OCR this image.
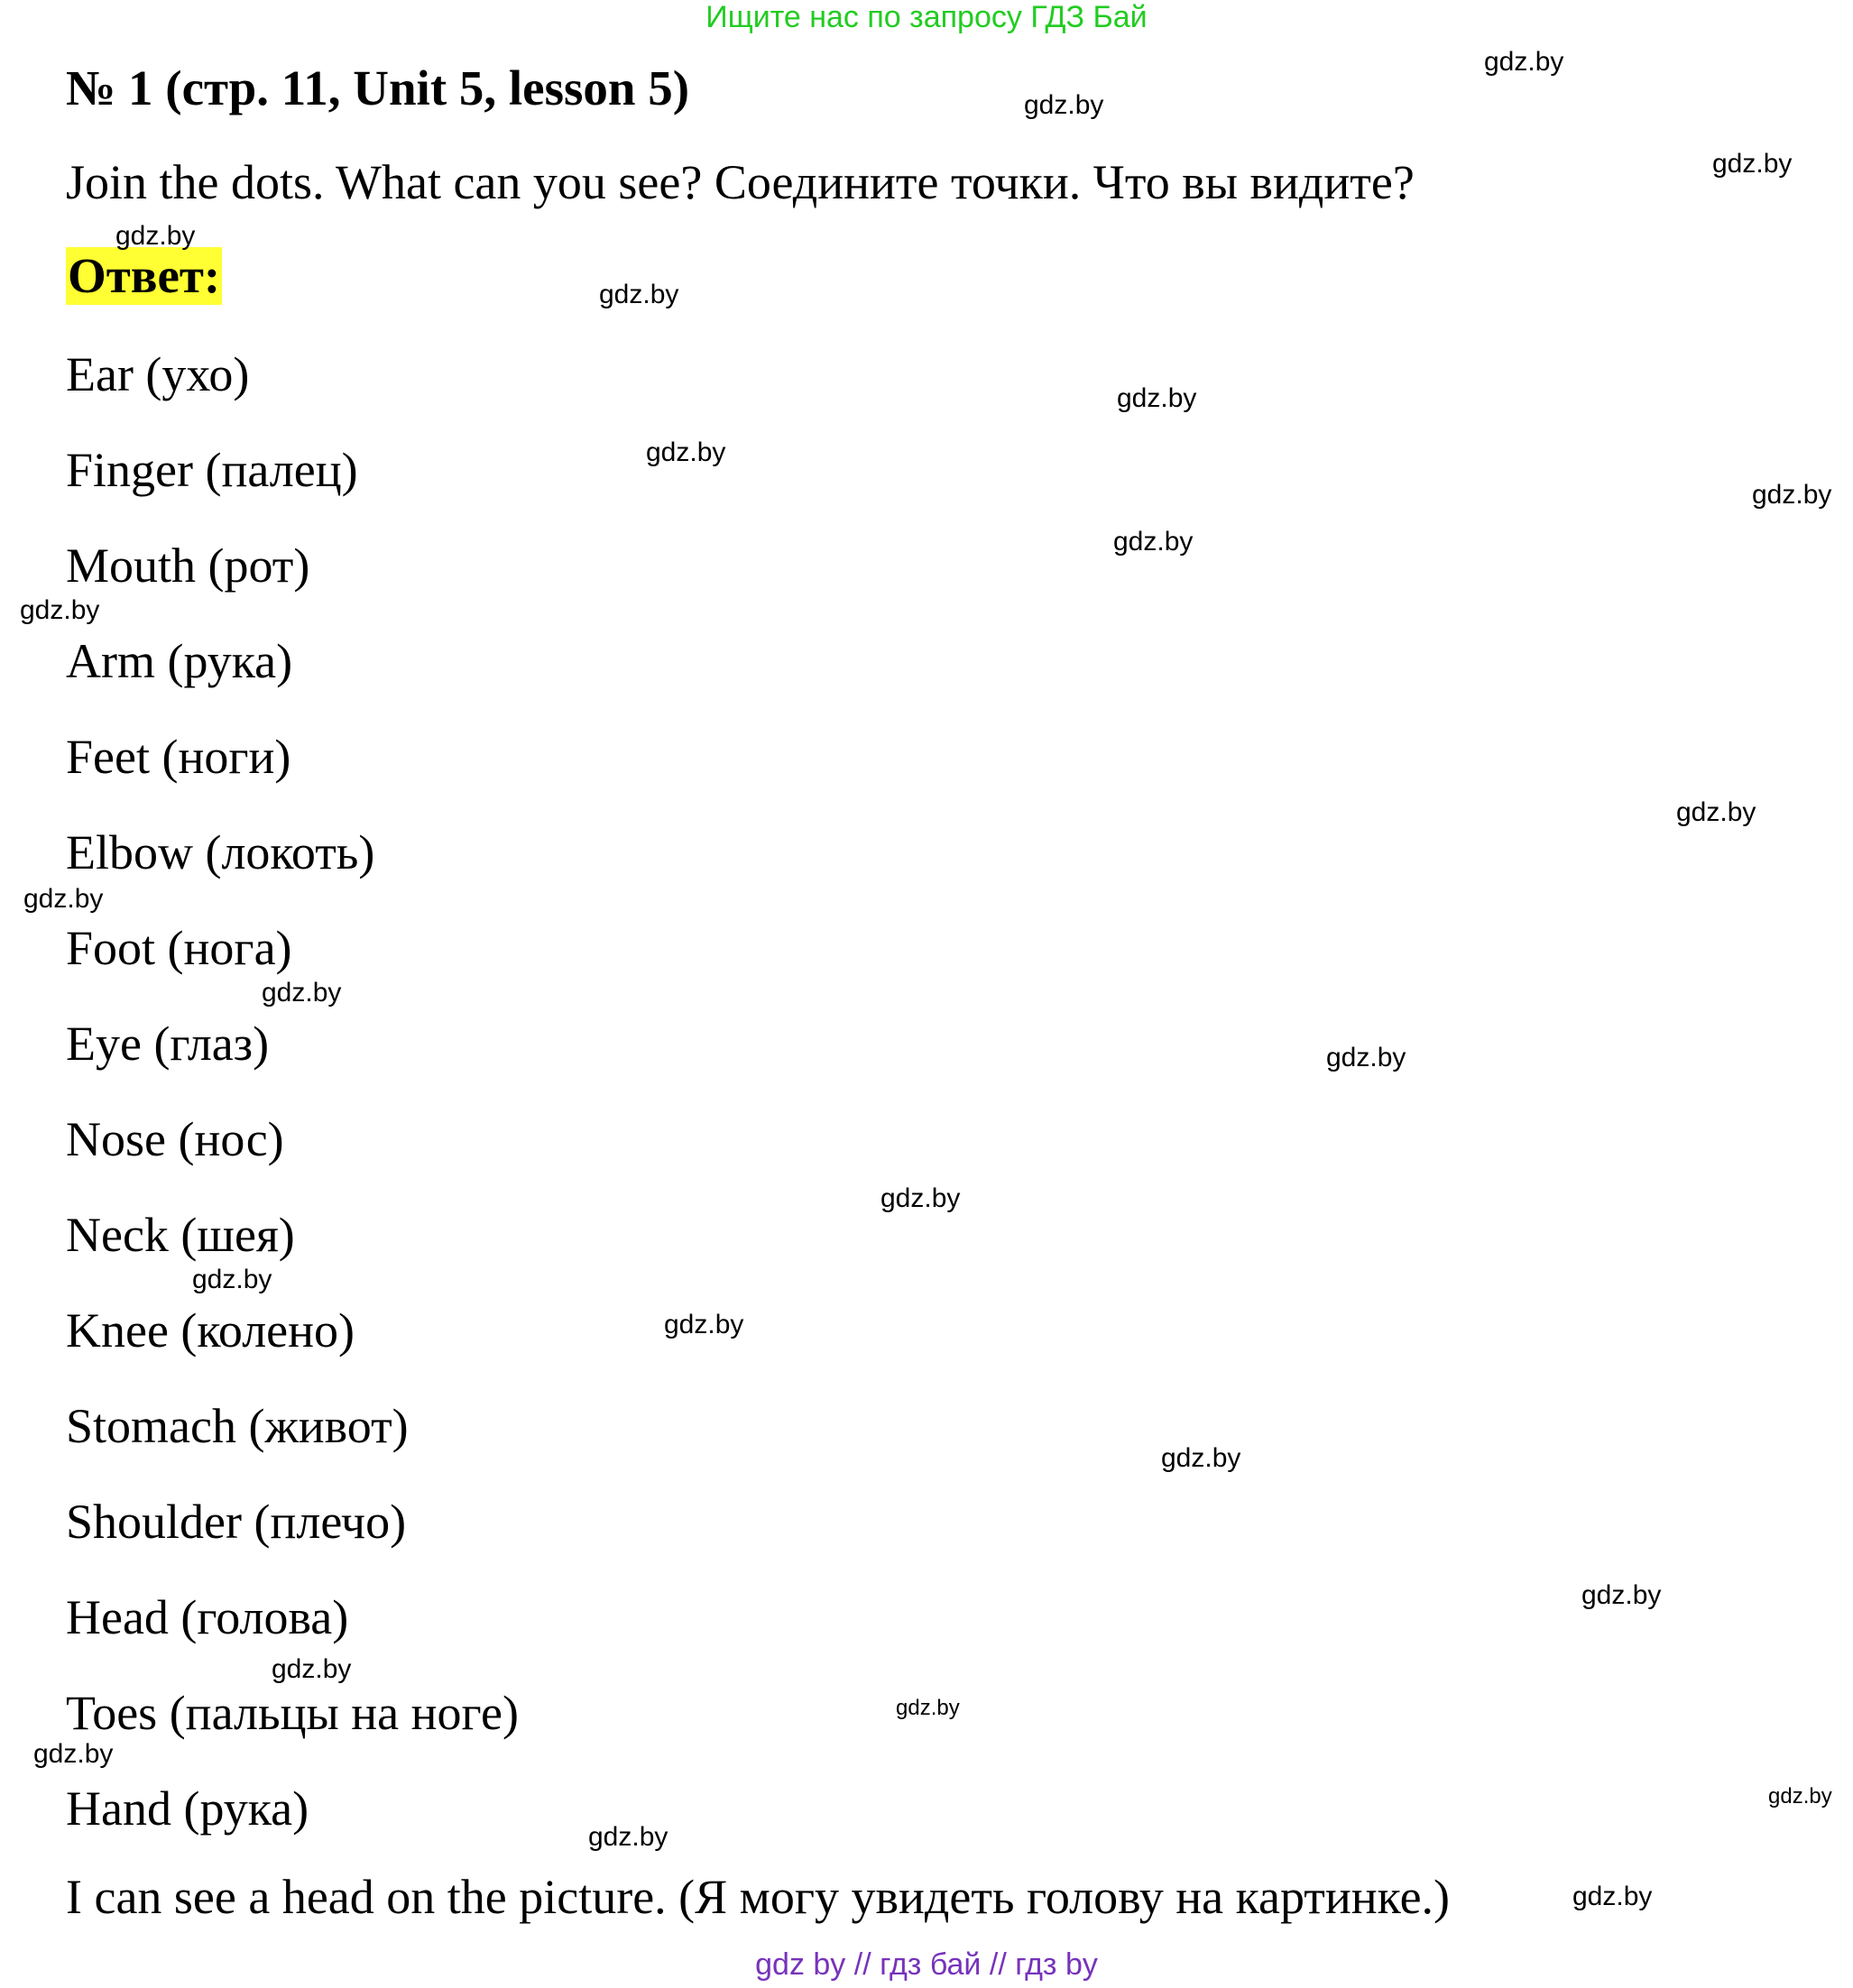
Ищите нас по запросу ГДЗ Бай
№ 1 (стр. 11, Unit 5, lesson 5)
Join the dots. What can you see? Соедините точки. Что вы видите?
Ответ:
Ear (ухо)
Finger (палец)
Mouth (рот)
Arm (рука)
Feet (ноги)
Elbow (локоть)
Foot (нога)
Eye (глаз)
Nose (нос)
Neck (шея)
Knee (колено)
Stomach (живот)
Shoulder (плечо)
Head (голова)
Toes (пальцы на ноге)
Hand (рука)
I can see a head on the picture. (Я могу увидеть голову на картинке.)
gdz.by
gdz.by
gdz.by
gdz.by
gdz.by
gdz.by
gdz.by
gdz.by
gdz.by
gdz.by
gdz.by
gdz.by
gdz.by
gdz.by
gdz.by
gdz.by
gdz.by
gdz.by
gdz.by
gdz.by
gdz.by
gdz.by
gdz.by
gdz.by
gdz.by
gdz by // гдз бай // гдз by
